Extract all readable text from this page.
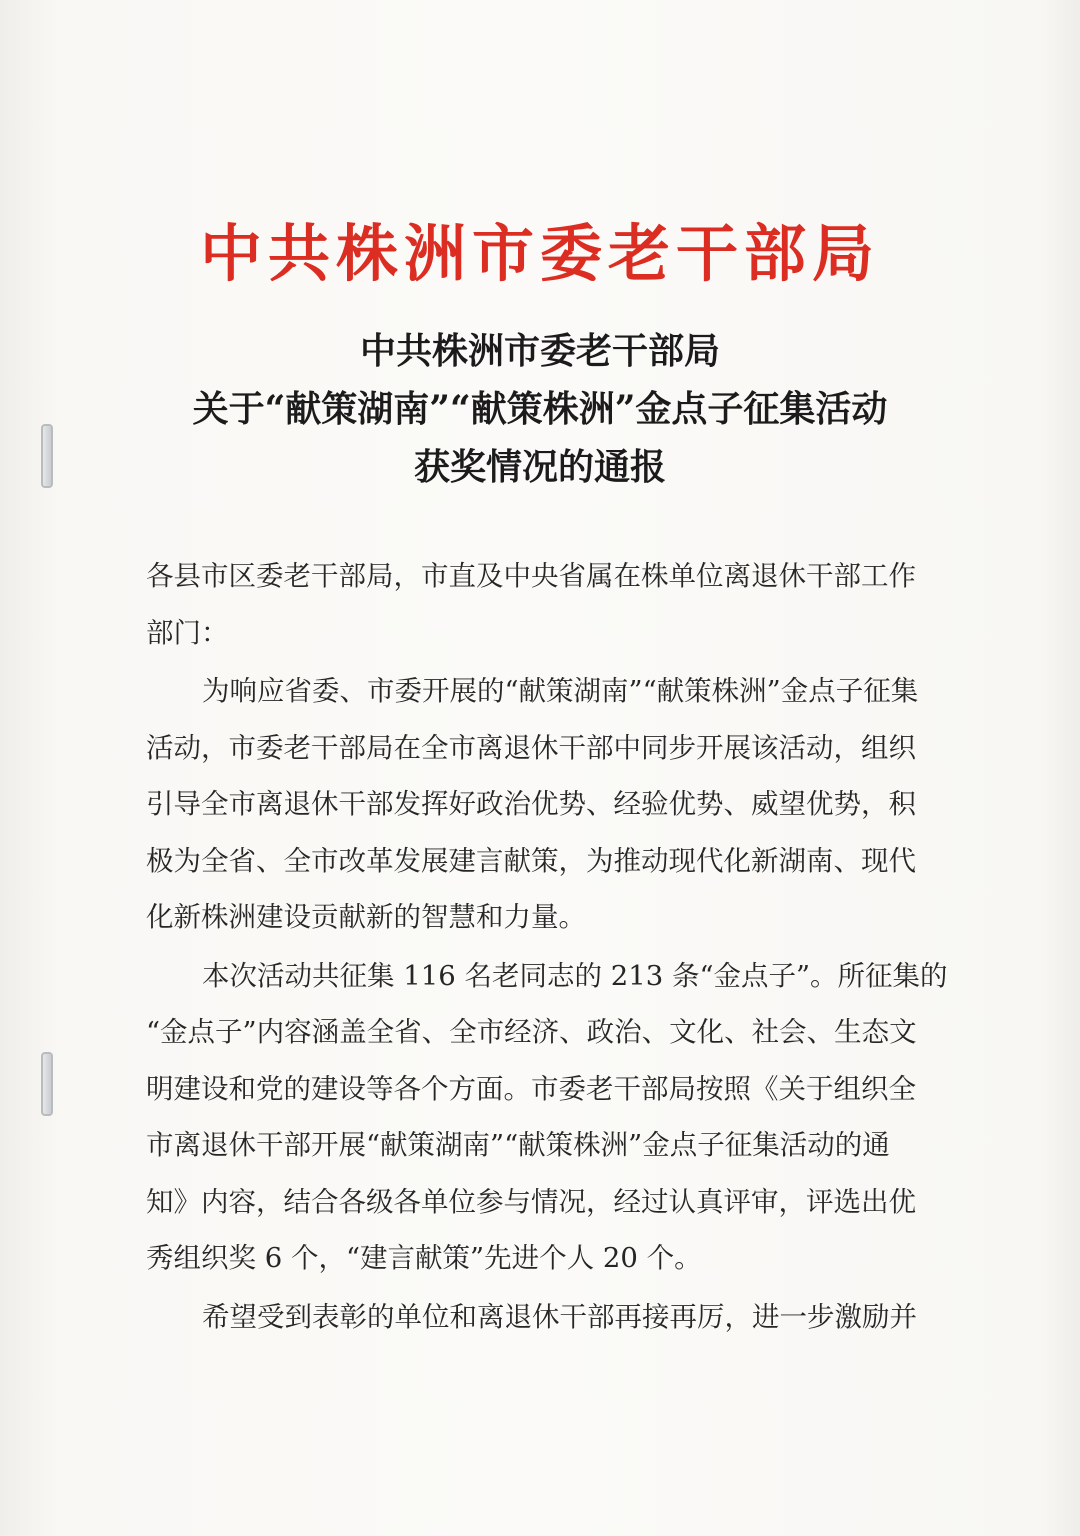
中共株洲市委老干部局
中共株洲市委老干部局
关于“献策湖南”“献策株洲”金点子征集活动
获奖情况的通报
各县市区委老干部局，市直及中央省属在株单位离退休干部工作
部门：
为响应省委、市委开展的“献策湖南”“献策株洲”金点子征集
活动，市委老干部局在全市离退休干部中同步开展该活动，组织
引导全市离退休干部发挥好政治优势、经验优势、威望优势，积
极为全省、全市改革发展建言献策，为推动现代化新湖南、现代
化新株洲建设贡献新的智慧和力量。
本次活动共征集 116 名老同志的 213 条“金点子”。所征集的
“金点子”内容涵盖全省、全市经济、政治、文化、社会、生态文
明建设和党的建设等各个方面。市委老干部局按照《关于组织全
市离退休干部开展“献策湖南”“献策株洲”金点子征集活动的通
知》内容，结合各级各单位参与情况，经过认真评审，评选出优
秀组织奖 6 个，“建言献策”先进个人 20 个。
希望受到表彰的单位和离退休干部再接再厉，进一步激励并
